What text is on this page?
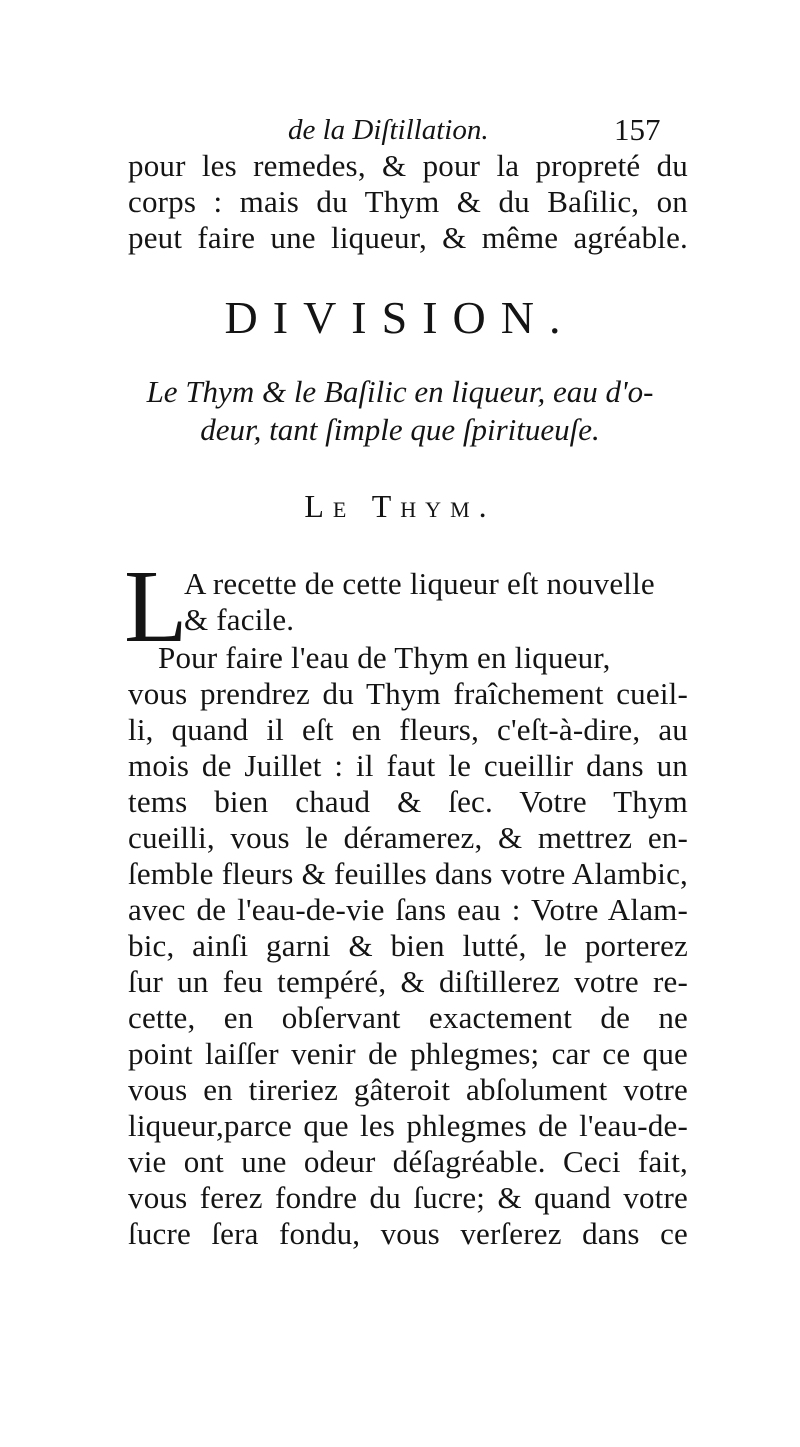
de la Diſtillation.	157
pour les remedes, & pour la propreté du
corps : mais du Thym & du Baſilic, on
peut faire une liqueur, & même agréable.
DIVISION.
Le Thym & le Baſilic en liqueur, eau d'o-
deur, tant ſimple que ſpiritueuſe.
Le Thym.
L
A recette de cette liqueur eſt nouvelle
& facile.
Pour faire l'eau de Thym en liqueur,
vous prendrez du Thym fraîchement cueil-
li, quand il eſt en fleurs, c'eſt-à-dire, au
mois de Juillet : il faut le cueillir dans un
tems bien chaud & ſec. Votre Thym
cueilli, vous le déramerez, & mettrez en-
ſemble fleurs & feuilles dans votre Alambic,
avec de l'eau-de-vie ſans eau : Votre Alam-
bic, ainſi garni & bien lutté, le porterez
ſur un feu tempéré, & diſtillerez votre re-
cette, en obſervant exactement de ne
point laiſſer venir de phlegmes; car ce que
vous en tireriez gâteroit abſolument votre
liqueur,parce que les phlegmes de l'eau-de-
vie ont une odeur déſagréable. Ceci fait,
vous ferez fondre du ſucre; & quand votre
ſucre ſera fondu, vous verſerez dans ce
